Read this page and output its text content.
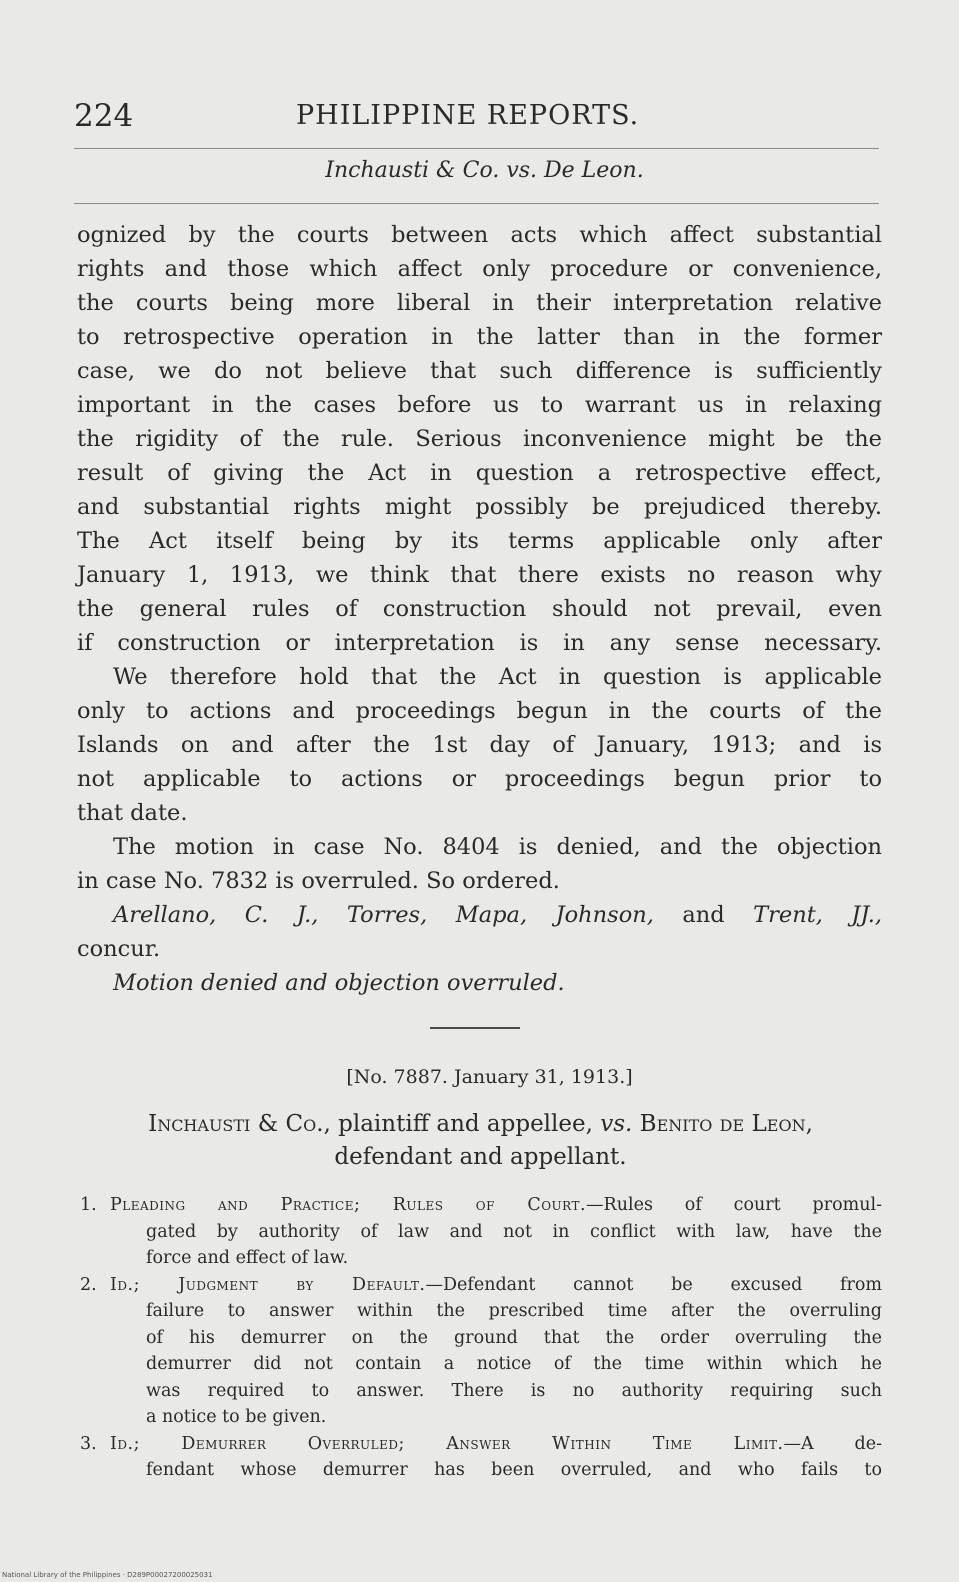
224	PHILIPPINE REPORTS.
Inchausti & Co. vs. De Leon.
ognized by the courts between acts which affect substantial
rights and those which affect only procedure or convenience,
the courts being more liberal in their interpretation relative
to retrospective operation in the latter than in the former
case, we do not believe that such difference is sufficiently
important in the cases before us to warrant us in relaxing
the rigidity of the rule. Serious inconvenience might be the
result of giving the Act in question a retrospective effect,
and substantial rights might possibly be prejudiced thereby.
The Act itself being by its terms applicable only after
January 1, 1913, we think that there exists no reason why
the general rules of construction should not prevail, even
if construction or interpretation is in any sense necessary.
We therefore hold that the Act in question is applicable
only to actions and proceedings begun in the courts of the
Islands on and after the 1st day of January, 1913; and is
not applicable to actions or proceedings begun prior to
that date.
The motion in case No. 8404 is denied, and the objection
in case No. 7832 is overruled. So ordered.
Arellano, C. J., Torres, Mapa, Johnson, and Trent, JJ.,
concur.
Motion denied and objection overruled.
[No. 7887. January 31, 1913.]
Inchausti & Co., plaintiff and appellee, vs. Benito de Leon,
defendant and appellant.
1. Pleading and Practice; Rules of Court.—Rules of court promul-
gated by authority of law and not in conflict with law, have the
force and effect of law.
2. Id.; Judgment by Default.—Defendant cannot be excused from
failure to answer within the prescribed time after the overruling
of his demurrer on the ground that the order overruling the
demurrer did not contain a notice of the time within which he
was required to answer. There is no authority requiring such
a notice to be given.
3. Id.; Demurrer Overruled; Answer Within Time Limit.—A de-
fendant whose demurrer has been overruled, and who fails to
National Library of the Philippines · D289P00027200025031
